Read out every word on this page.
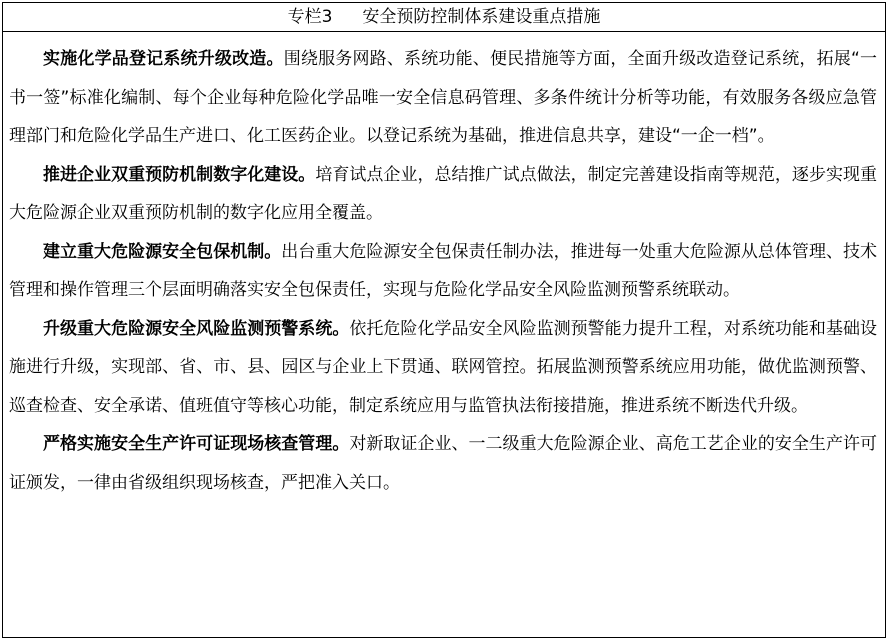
专栏3 安全预防控制体系建设重点措施

实施化学品登记系统升级改造。围绕服务网路、系统功能、便民措施等方面，全面升级改造登记系统，拓展“一书一签”标准化编制、每个企业每种危险化学品唯一安全信息码管理、多条件统计分析等功能，有效服务各级应急管理部门和危险化学品生产进口、化工医药企业。以登记系统为基础，推进信息共享，建设“一企一档”。

推进企业双重预防机制数字化建设。培育试点企业，总结推广试点做法，制定完善建设指南等规范，逐步实现重大危险源企业双重预防机制的数字化应用全覆盖。

建立重大危险源安全包保机制。出台重大危险源安全包保责任制办法，推进每一处重大危险源从总体管理、技术管理和操作管理三个层面明确落实安全包保责任，实现与危险化学品安全风险监测预警系统联动。

升级重大危险源安全风险监测预警系统。依托危险化学品安全风险监测预警能力提升工程，对系统功能和基础设施进行升级，实现部、省、市、县、园区与企业上下贯通、联网管控。拓展监测预警系统应用功能，做优监测预警、巡查检查、安全承诺、值班值守等核心功能，制定系统应用与监管执法衔接措施，推进系统不断迭代升级。

严格实施安全生产许可证现场核查管理。对新取证企业、一二级重大危险源企业、高危工艺企业的安全生产许可证颁发，一律由省级组织现场核查，严把准入关口。
